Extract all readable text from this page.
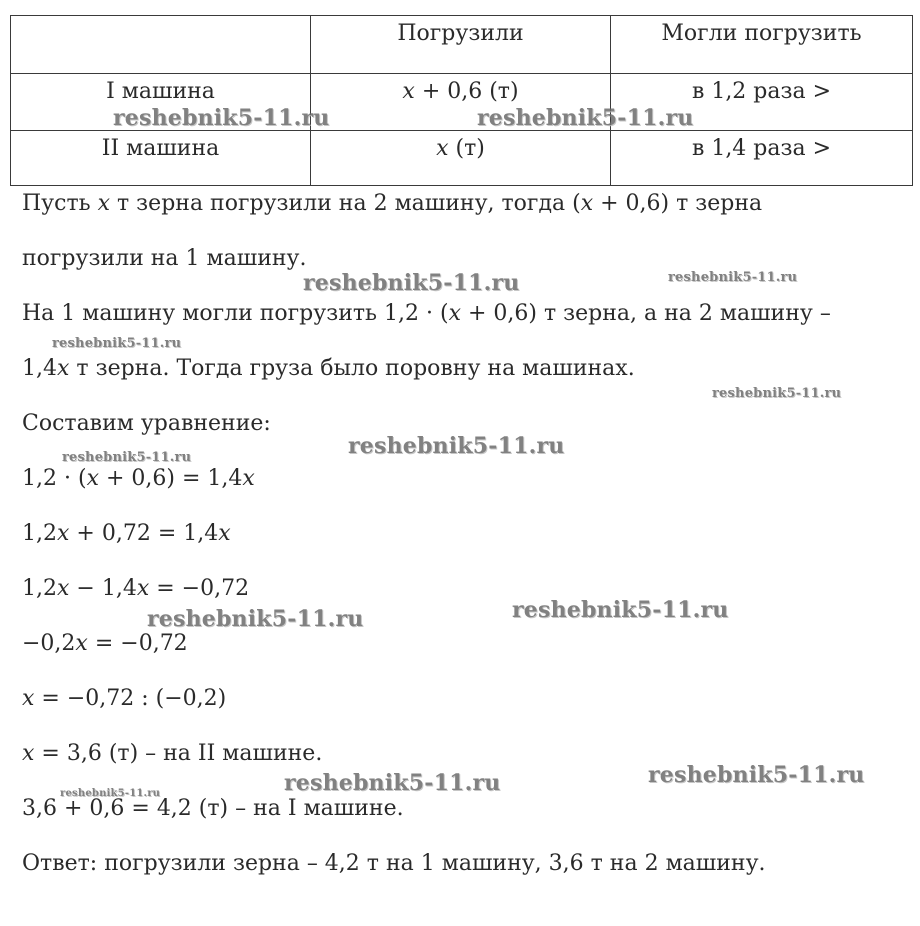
	Погрузили	Могли погрузить
I машина	x + 0,6 (т)	в 1,2 раза >
II машина	x (т)	в 1,4 раза >
Пусть x т зерна погрузили на 2 машину, тогда (x + 0,6) т зерна
погрузили на 1 машину.
На 1 машину могли погрузить 1,2 · (x + 0,6) т зерна, а на 2 машину –
1,4x т зерна. Тогда груза было поровну на машинах.
Составим уравнение:
1,2 · (x + 0,6) = 1,4x
1,2x + 0,72 = 1,4x
1,2x − 1,4x = −0,72
−0,2x = −0,72
x = −0,72 : (−0,2)
x = 3,6 (т) – на II машине.
3,6 + 0,6 = 4,2 (т) – на I машине.
Ответ: погрузили зерна – 4,2 т на 1 машину, 3,6 т на 2 машину.
reshebnik5-11.ru	reshebnik5-11.ru
reshebnik5-11.ru	reshebnik5-11.ru
reshebnik5-11.ru
reshebnik5-11.ru
reshebnik5-11.ru
reshebnik5-11.ru
reshebnik5-11.ru	reshebnik5-11.ru
reshebnik5-11.ru	reshebnik5-11.ru
reshebnik5-11.ru
